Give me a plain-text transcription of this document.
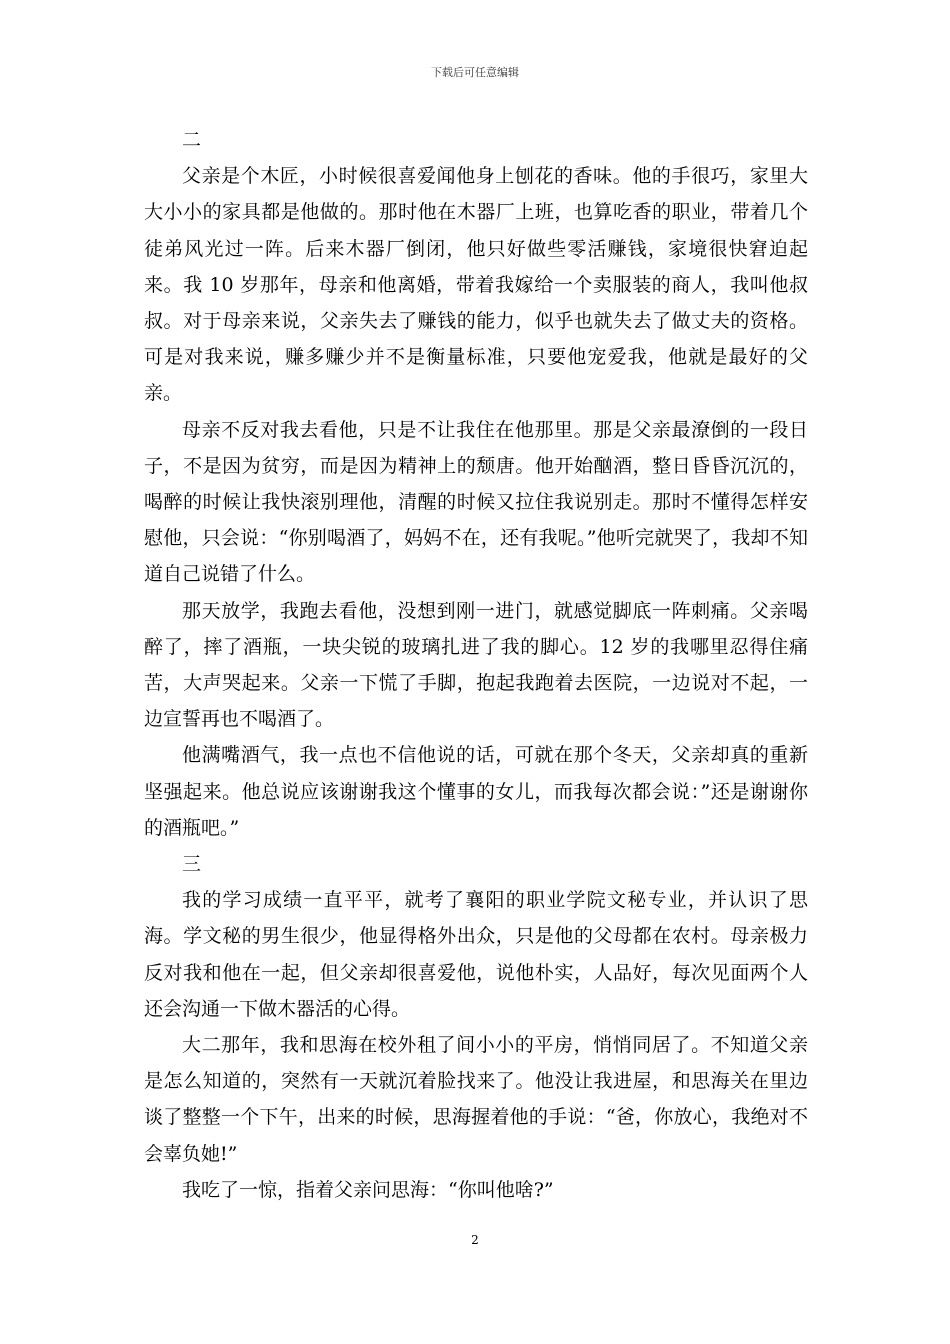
下载后可任意编辑

二

父亲是个木匠，小时候很喜爱闻他身上刨花的香味。他的手很巧，家里大大小小的家具都是他做的。那时他在木器厂上班，也算吃香的职业，带着几个徒弟风光过一阵。后来木器厂倒闭，他只好做些零活赚钱，家境很快窘迫起来。我 10 岁那年，母亲和他离婚，带着我嫁给一个卖服装的商人，我叫他叔叔。对于母亲来说，父亲失去了赚钱的能力，似乎也就失去了做丈夫的资格。可是对我来说，赚多赚少并不是衡量标准，只要他宠爱我，他就是最好的父亲。

母亲不反对我去看他，只是不让我住在他那里。那是父亲最潦倒的一段日子，不是因为贫穷，而是因为精神上的颓唐。他开始酗酒，整日昏昏沉沉的，喝醉的时候让我快滚别理他，清醒的时候又拉住我说别走。那时不懂得怎样安慰他，只会说：“你别喝酒了，妈妈不在，还有我呢。”他听完就哭了，我却不知道自己说错了什么。

那天放学，我跑去看他，没想到刚一进门，就感觉脚底一阵刺痛。父亲喝醉了，摔了酒瓶，一块尖锐的玻璃扎进了我的脚心。12 岁的我哪里忍得住痛苦，大声哭起来。父亲一下慌了手脚，抱起我跑着去医院，一边说对不起，一边宣誓再也不喝酒了。

他满嘴酒气，我一点也不信他说的话，可就在那个冬天，父亲却真的重新坚强起来。他总说应该谢谢我这个懂事的女儿，而我每次都会说：”还是谢谢你的酒瓶吧。”

三

我的学习成绩一直平平，就考了襄阳的职业学院文秘专业，并认识了思海。学文秘的男生很少，他显得格外出众，只是他的父母都在农村。母亲极力反对我和他在一起，但父亲却很喜爱他，说他朴实，人品好，每次见面两个人还会沟通一下做木器活的心得。

大二那年，我和思海在校外租了间小小的平房，悄悄同居了。不知道父亲是怎么知道的，突然有一天就沉着脸找来了。他没让我进屋，和思海关在里边谈了整整一个下午，出来的时候，思海握着他的手说：“爸，你放心，我绝对不会辜负她!”

我吃了一惊，指着父亲问思海：“你叫他啥?”

2
